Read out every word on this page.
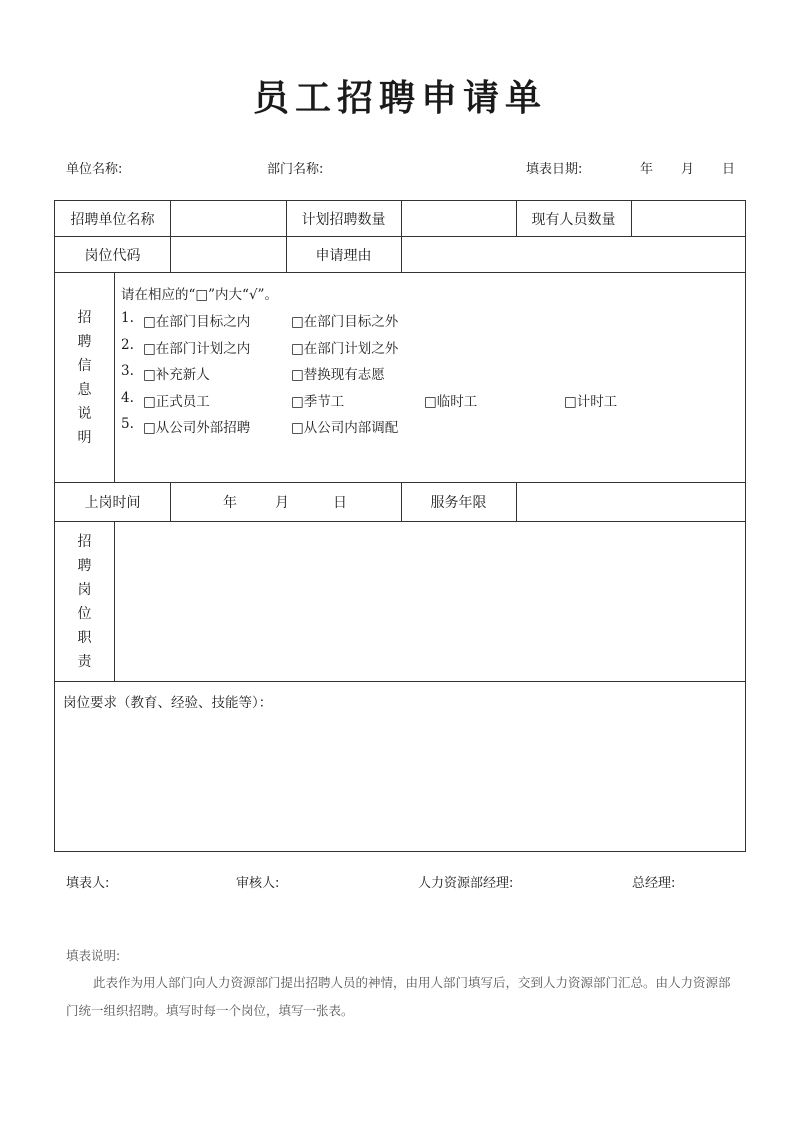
员工招聘申请单
单位名称:	部门名称:	填表日期:	年 月 日
招聘单位名称	计划招聘数量	现有人员数量
岗位代码	申请理由
招
聘
信
息
说
明
请在相应的“□”内大“√”。
1. □在部门目标之内	□在部门目标之外
2. □在部门计划之内	□在部门计划之外
3. □补充新人	□替换现有志愿
4. □正式员工	□季节工	□临时工	□计时工
5. □从公司外部招聘	□从公司内部调配
上岗时间	年	月	日	服务年限
招
聘
岗
位
职
责
岗位要求（教育、经验、技能等）：
填表人:	审核人:	人力资源部经理:	总经理:
填表说明:
此表作为用人部门向人力资源部门提出招聘人员的神情，由用人部门填写后，交到人力资源部门汇总。由人力资源部门统一组织招聘。填写时每一个岗位，填写一张表。
